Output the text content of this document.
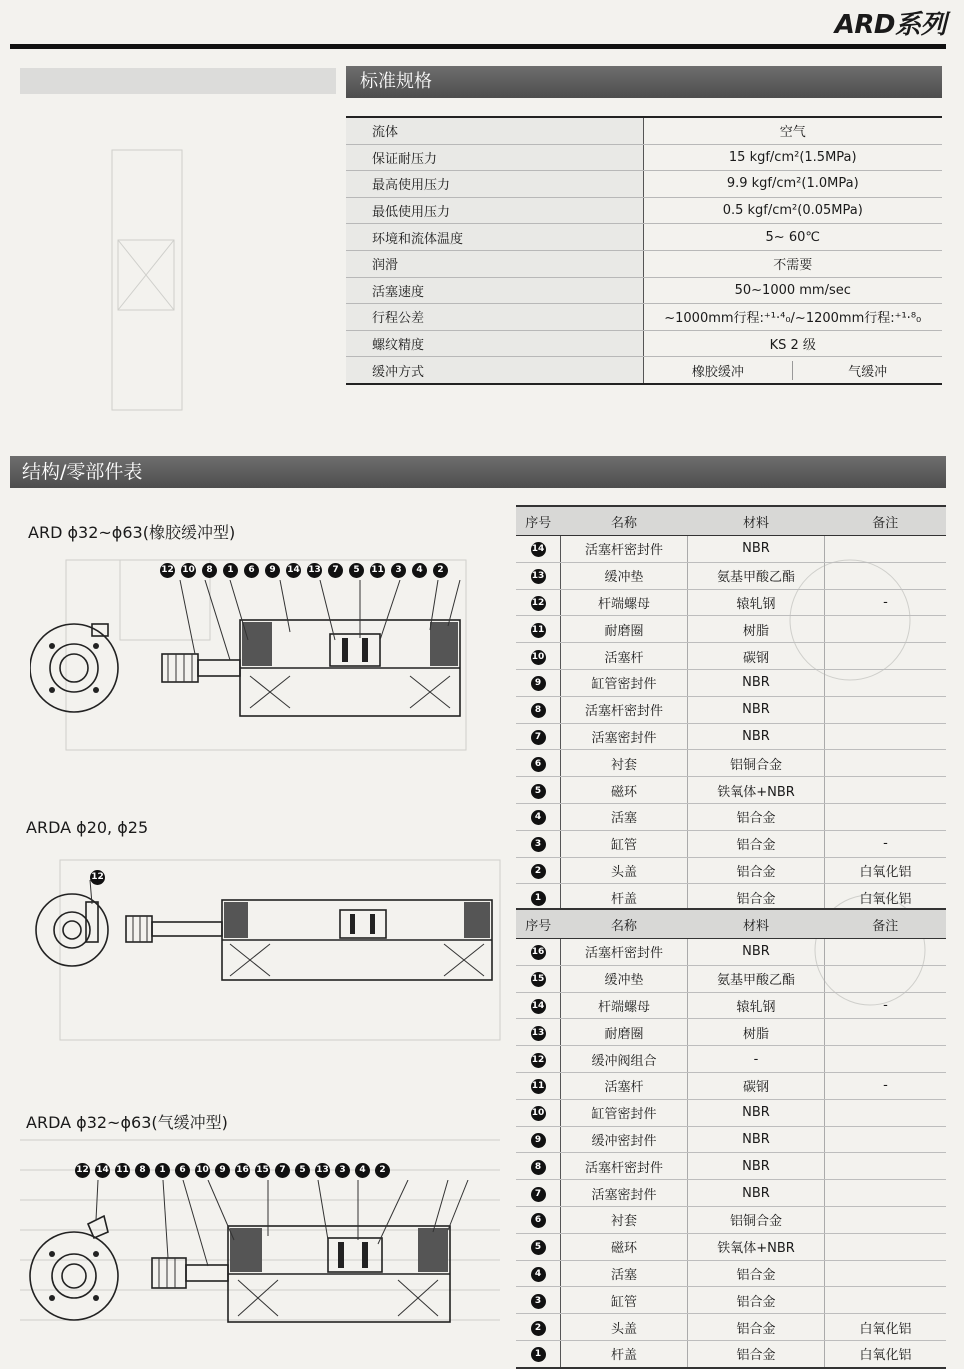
ARD系列
标准规格
流体	空气
保证耐压力	15 kgf/cm²(1.5MPa)
最高使用压力	9.9 kgf/cm²(1.0MPa)
最低使用压力	0.5 kgf/cm²(0.05MPa)
环境和流体温度	5~ 60℃
润滑	不需要
活塞速度	50~1000 mm/sec
行程公差	~1000mm行程:⁺¹·⁴₀/~1200mm行程:⁺¹·⁸₀
螺纹精度	KS 2 级
缓冲方式	橡胶缓冲 气缓冲
结构/零部件表
ARD ϕ32~ϕ63(橡胶缓冲型)
ARDA ϕ20, ϕ25
ARDA ϕ32~ϕ63(气缓冲型)
12 10	8	1	6	9	14 13	7	5	11	3	4	2
12
12 14 11	8	1	6	10	9	16 15	7	5	13	3	4	2
序号	名称	材料	备注
14	活塞杆密封件	NBR	
13	缓冲垫	氨基甲酸乙酯	
12	杆端螺母	辕轧钢	-
11	耐磨圈	树脂	
10	活塞杆	碳钢	
9	缸管密封件	NBR	
8	活塞杆密封件	NBR	
7	活塞密封件	NBR	
6	衬套	铝铜合金	
5	磁环	铁氧体+NBR	
4	活塞	铝合金	
3	缸管	铝合金	-
2	头盖	铝合金	白氧化铝
1	杆盖	铝合金	白氧化铝
序号	名称	材料	备注
16	活塞杆密封件	NBR	
15	缓冲垫	氨基甲酸乙酯	
14	杆端螺母	辕轧钢	-
13	耐磨圈	树脂	
12	缓冲阀组合	-	
11	活塞杆	碳钢	-
10	缸管密封件	NBR	
9	缓冲密封件	NBR	
8	活塞杆密封件	NBR	
7	活塞密封件	NBR	
6	衬套	铝铜合金	
5	磁环	铁氧体+NBR	
4	活塞	铝合金	
3	缸管	铝合金	
2	头盖	铝合金	白氧化铝
1	杆盖	铝合金	白氧化铝
